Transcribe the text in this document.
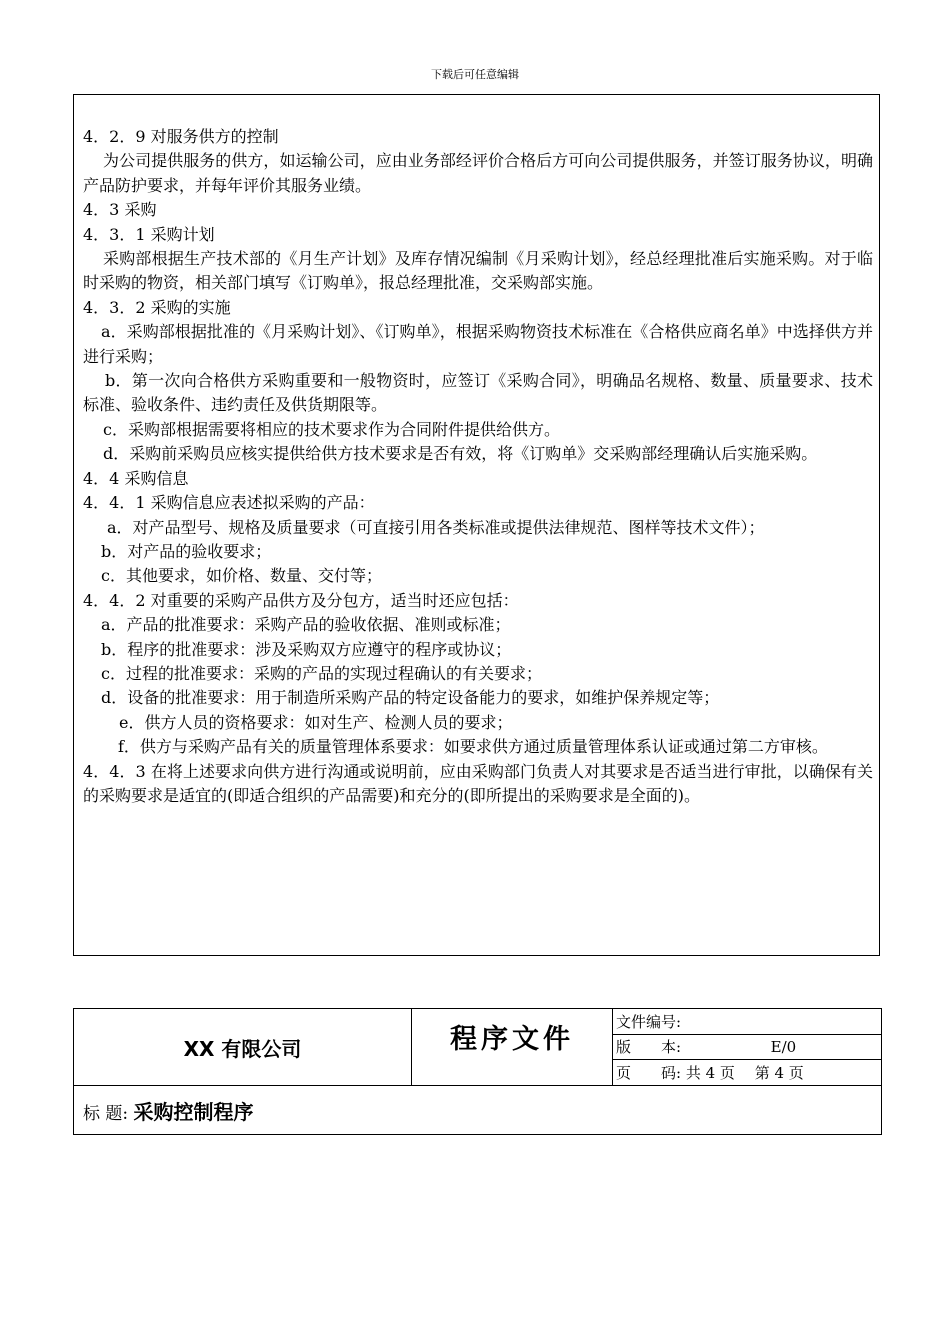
下载后可任意编辑
4．2．9 对服务供方的控制
为公司提供服务的供方，如运输公司，应由业务部经评价合格后方可向公司提供服务，并签订服务协议，明确产品防护要求，并每年评价其服务业绩。
4．3 采购
4．3．1 采购计划
采购部根据生产技术部的《月生产计划》及库存情况编制《月采购计划》，经总经理批准后实施采购。对于临时采购的物资，相关部门填写《订购单》，报总经理批准，交采购部实施。
4．3．2 采购的实施
a．采购部根据批准的《月采购计划》、《订购单》，根据采购物资技术标准在《合格供应商名单》中选择供方并进行采购；
b．第一次向合格供方采购重要和一般物资时，应签订《采购合同》，明确品名规格、数量、质量要求、技术标准、验收条件、违约责任及供货期限等。
c．采购部根据需要将相应的技术要求作为合同附件提供给供方。
d．采购前采购员应核实提供给供方技术要求是否有效，将《订购单》交采购部经理确认后实施采购。
4．4 采购信息
4．4．1 采购信息应表述拟采购的产品：
a．对产品型号、规格及质量要求（可直接引用各类标准或提供法律规范、图样等技术文件）；
b．对产品的验收要求；
c．其他要求，如价格、数量、交付等；
4．4．2 对重要的采购产品供方及分包方，适当时还应包括：
a．产品的批准要求：采购产品的验收依据、准则或标准；
b．程序的批准要求：涉及采购双方应遵守的程序或协议；
c．过程的批准要求：采购的产品的实现过程确认的有关要求；
d．设备的批准要求：用于制造所采购产品的特定设备能力的要求，如维护保养规定等；
e．供方人员的资格要求：如对生产、检测人员的要求；
f．供方与采购产品有关的质量管理体系要求：如要求供方通过质量管理体系认证或通过第二方审核。
4．4．3 在将上述要求向供方进行沟通或说明前，应由采购部门负责人对其要求是否适当进行审批，以确保有关的采购要求是适宜的(即适合组织的产品需要)和充分的(即所提出的采购要求是全面的)。
XX 有限公司	程序文件	文件编号:
版　　本:	E/0
页　　码: 共 4 页　 第 4 页
标 题: 采购控制程序
